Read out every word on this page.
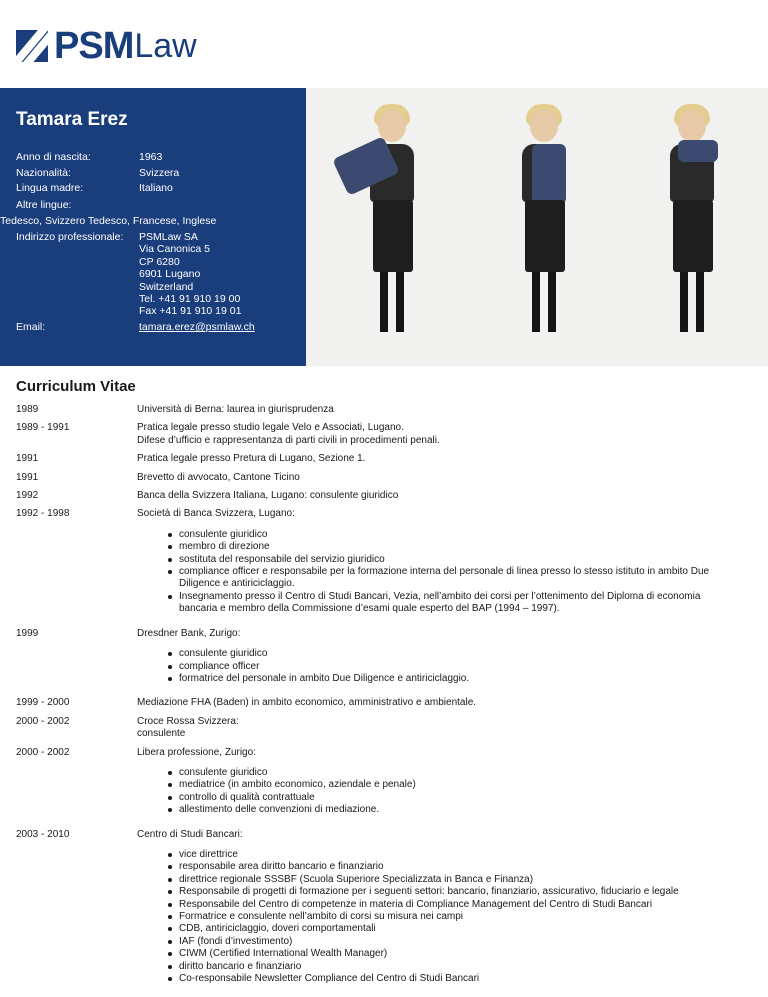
PSM Law
Tamara Erez
Anno di nascita:	1963
Nazionalità:	Svizzera
Lingua madre:	Italiano
Altre lingue:
Tedesco, Svizzero Tedesco, Francese, Inglese
Indirizzo professionale:	PSMLaw SA
Via Canonica 5
CP 6280
6901 Lugano
Switzerland
Tel. +41 91 910 19 00
Fax +41 91 910 19 01
Email:	tamara.erez@psmlaw.ch
Curriculum Vitae
1989	Università di Berna: laurea in giurisprudenza
1989 - 1991	Pratica legale presso studio legale Velo e Associati, Lugano.
Difese d’ufficio e rappresentanza di parti civili in procedimenti penali.
1991	Pratica legale presso Pretura di Lugano, Sezione 1.
1991	Brevetto di avvocato, Cantone Ticino
1992	Banca della Svizzera Italiana, Lugano: consulente giuridico
1992 - 1998	Società di Banca Svizzera, Lugano:
consulente giuridico
membro di direzione
sostituta del responsabile del servizio giuridico
compliance officer e responsabile per la formazione interna del personale di linea presso lo stesso istituto in ambito Due Diligence e antiriciclaggio.
Insegnamento presso il Centro di Studi Bancari, Vezia, nell’ambito dei corsi per l’ottenimento del Diploma di economia bancaria e membro della Commissione d’esami quale esperto del BAP (1994 – 1997).
1999	Dresdner Bank, Zurigo:
consulente giuridico
compliance officer
formatrice del personale in ambito Due Diligence e antiriciclaggio.
1999 - 2000	Mediazione FHA (Baden) in ambito economico, amministrativo e ambientale.
2000 - 2002	Croce Rossa Svizzera:
consulente
2000 - 2002	Libera professione, Zurigo:
consulente giuridico
mediatrice (in ambito economico, aziendale e penale)
controllo di qualità contrattuale
allestimento delle convenzioni di mediazione.
2003 - 2010	Centro di Studi Bancari:
vice direttrice
responsabile area diritto bancario e finanziario
direttrice regionale SSSBF (Scuola Superiore Specializzata in Banca e Finanza)
Responsabile di progetti di formazione per i seguenti settori: bancario, finanziario, assicurativo, fiduciario e legale
Responsabile del Centro di competenze in materia di Compliance Management del Centro di Studi Bancari
Formatrice e consulente nell’ambito di corsi su misura nei campi
CDB, antiriciclaggio, doveri comportamentali
IAF (fondi d’investimento)
CIWM (Certified International Wealth Manager)
diritto bancario e finanziario
Co-responsabile Newsletter Compliance del Centro di Studi Bancari
